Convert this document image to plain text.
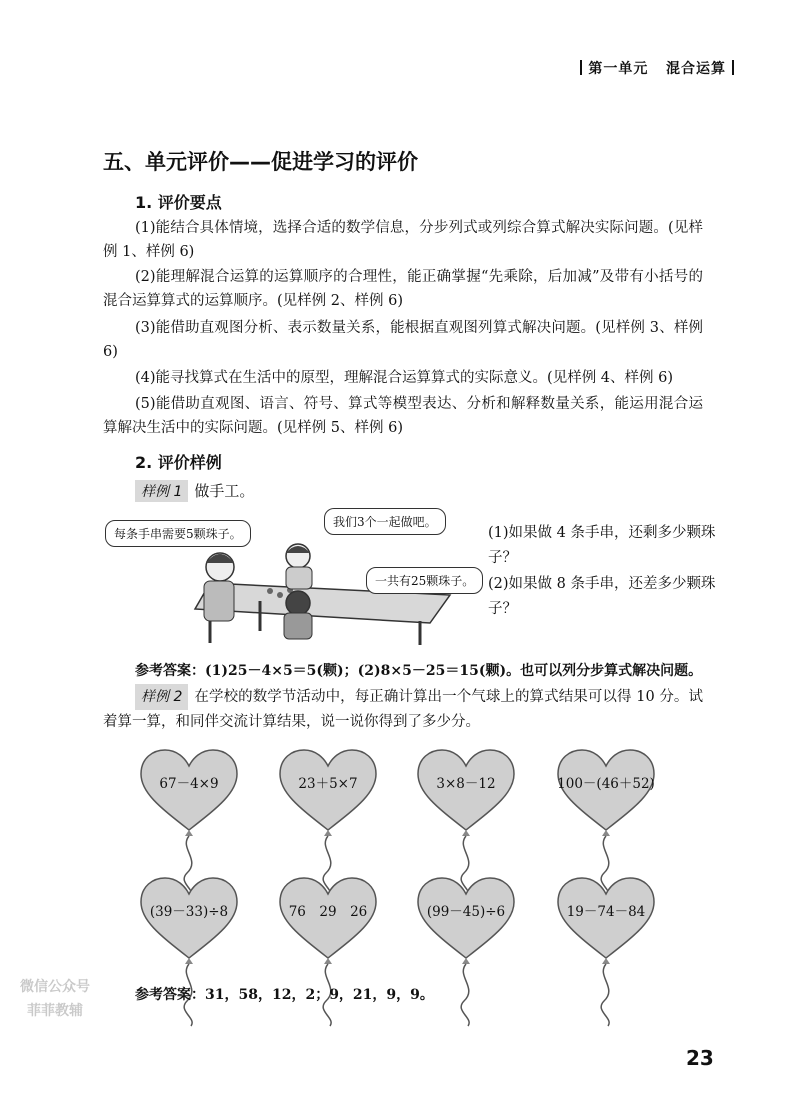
第一单元 混合运算
五、单元评价——促进学习的评价
1. 评价要点
(1)能结合具体情境，选择合适的数学信息，分步列式或列综合算式解决实际问题。(见样例 1、样例 6)
(2)能理解混合运算的运算顺序的合理性，能正确掌握“先乘除，后加减”及带有小括号的混合运算算式的运算顺序。(见样例 2、样例 6)
(3)能借助直观图分析、表示数量关系，能根据直观图列算式解决问题。(见样例 3、样例 6)
(4)能寻找算式在生活中的原型，理解混合运算算式的实际意义。(见样例 4、样例 6)
(5)能借助直观图、语言、符号、算式等模型表达、分析和解释数量关系，能运用混合运算解决生活中的实际问题。(见样例 5、样例 6)
2. 评价样例
样例 1 做手工。
每条手串需要5颗珠子。
我们3个一起做吧。
一共有25颗珠子。
(1)如果做 4 条手串，还剩多少颗珠子？
(2)如果做 8 条手串，还差多少颗珠子？
参考答案：(1)25－4×5＝5(颗)；(2)8×5－25＝15(颗)。也可以列分步算式解决问题。
样例 2 在学校的数学节活动中，每正确计算出一个气球上的算式结果可以得 10 分。试着算一算，和同伴交流计算结果，说一说你得到了多少分。
67－4×9	23＋5×7	3×8－12	100－(46＋52)
(39－33)÷8	76　29　26	(99－45)÷6	19－74－84
参考答案：31，58，12，2；9，21，9，9。
微信公众号
菲菲教辅
23
